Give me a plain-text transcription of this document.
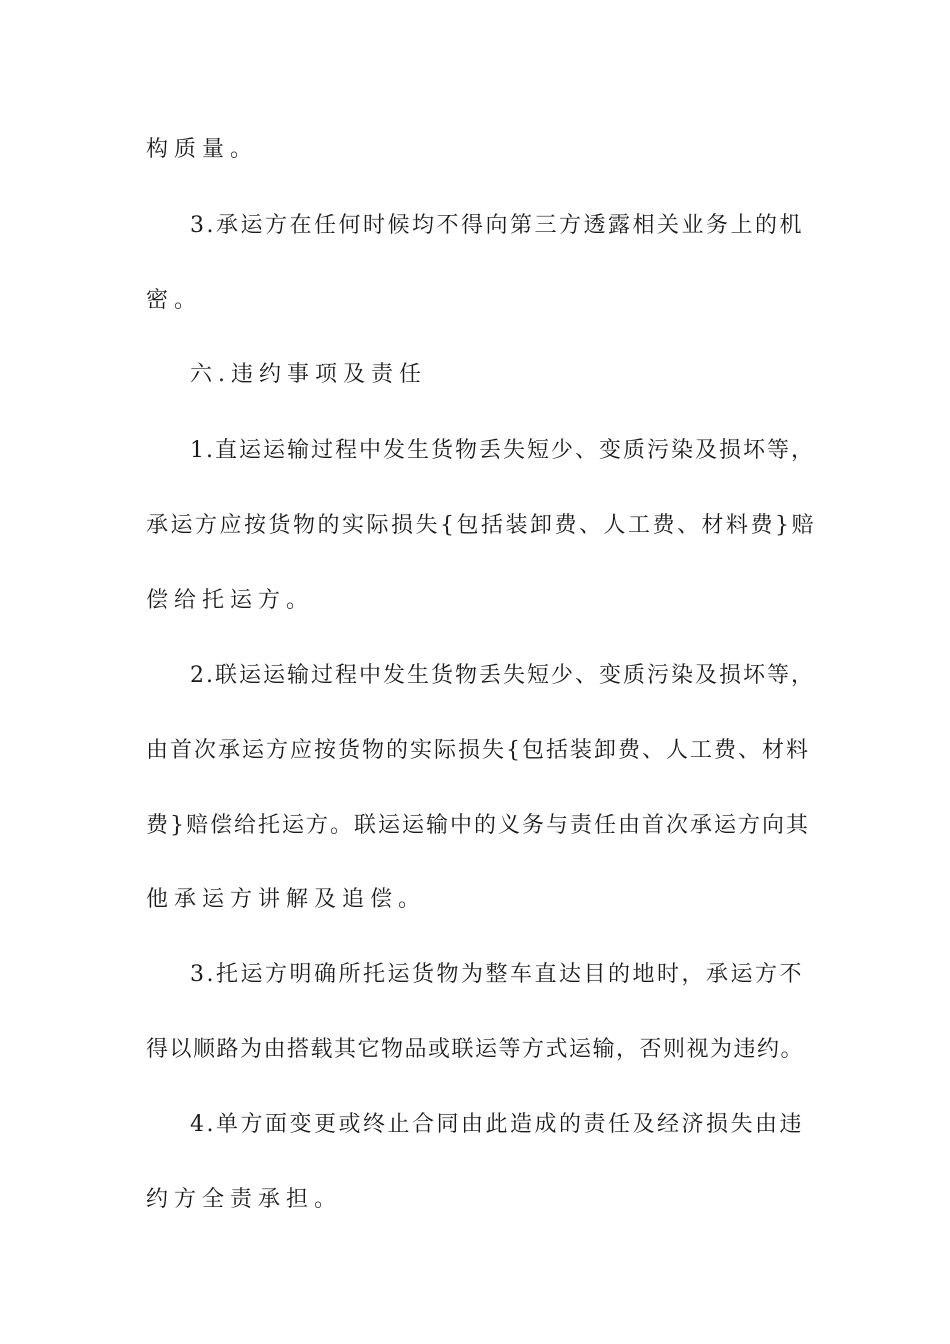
构质量。
3.承运方在任何时候均不得向第三方透露相关业务上的机
密。
六.违约事项及责任
1.直运运输过程中发生货物丢失短少、变质污染及损坏等，
承运方应按货物的实际损失{包括装卸费、人工费、材料费}赔
偿给托运方。
2.联运运输过程中发生货物丢失短少、变质污染及损坏等，
由首次承运方应按货物的实际损失{包括装卸费、人工费、材料
费}赔偿给托运方。联运运输中的义务与责任由首次承运方向其
他承运方讲解及追偿。
3.托运方明确所托运货物为整车直达目的地时，承运方不
得以顺路为由搭载其它物品或联运等方式运输，否则视为违约。
4.单方面变更或终止合同由此造成的责任及经济损失由违
约方全责承担。
